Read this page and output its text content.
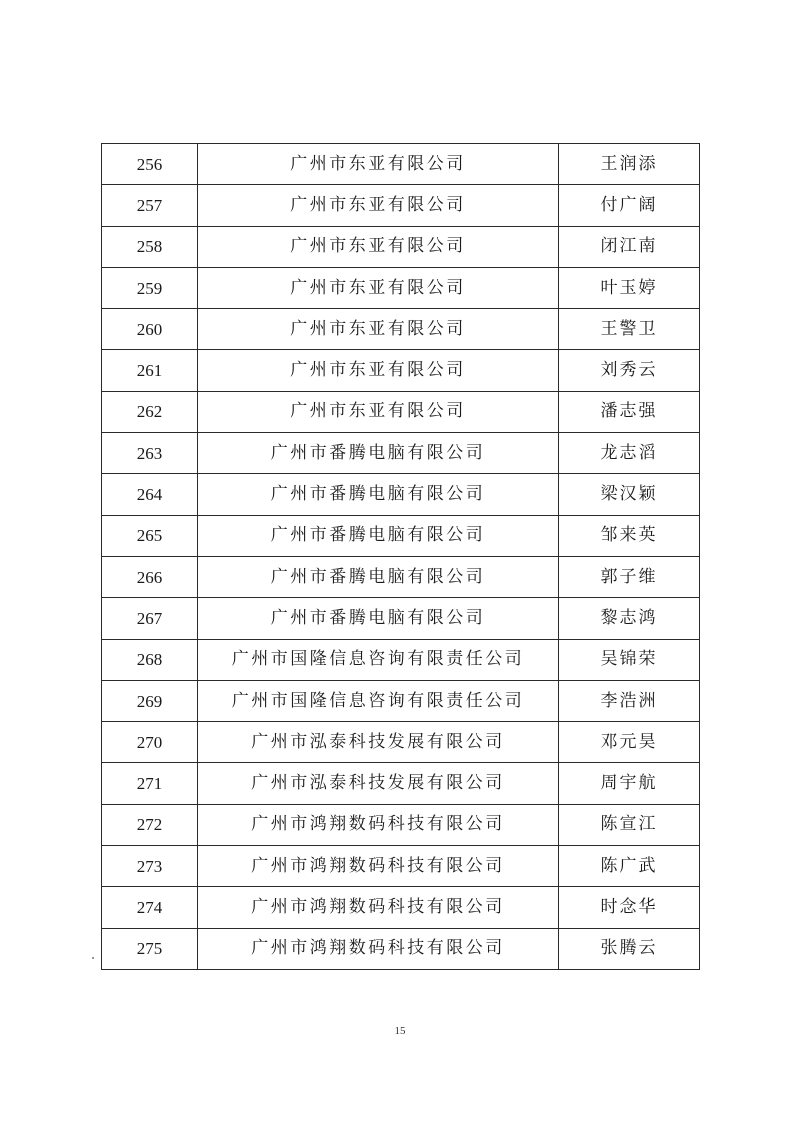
256	广州市东亚有限公司	王润添
257	广州市东亚有限公司	付广阔
258	广州市东亚有限公司	闭江南
259	广州市东亚有限公司	叶玉婷
260	广州市东亚有限公司	王警卫
261	广州市东亚有限公司	刘秀云
262	广州市东亚有限公司	潘志强
263	广州市番腾电脑有限公司	龙志滔
264	广州市番腾电脑有限公司	梁汉颖
265	广州市番腾电脑有限公司	邹来英
266	广州市番腾电脑有限公司	郭子维
267	广州市番腾电脑有限公司	黎志鸿
268	广州市国隆信息咨询有限责任公司	吴锦荣
269	广州市国隆信息咨询有限责任公司	李浩洲
270	广州市泓泰科技发展有限公司	邓元昊
271	广州市泓泰科技发展有限公司	周宇航
272	广州市鸿翔数码科技有限公司	陈宣江
273	广州市鸿翔数码科技有限公司	陈广武
274	广州市鸿翔数码科技有限公司	时念华
275	广州市鸿翔数码科技有限公司	张腾云
15
